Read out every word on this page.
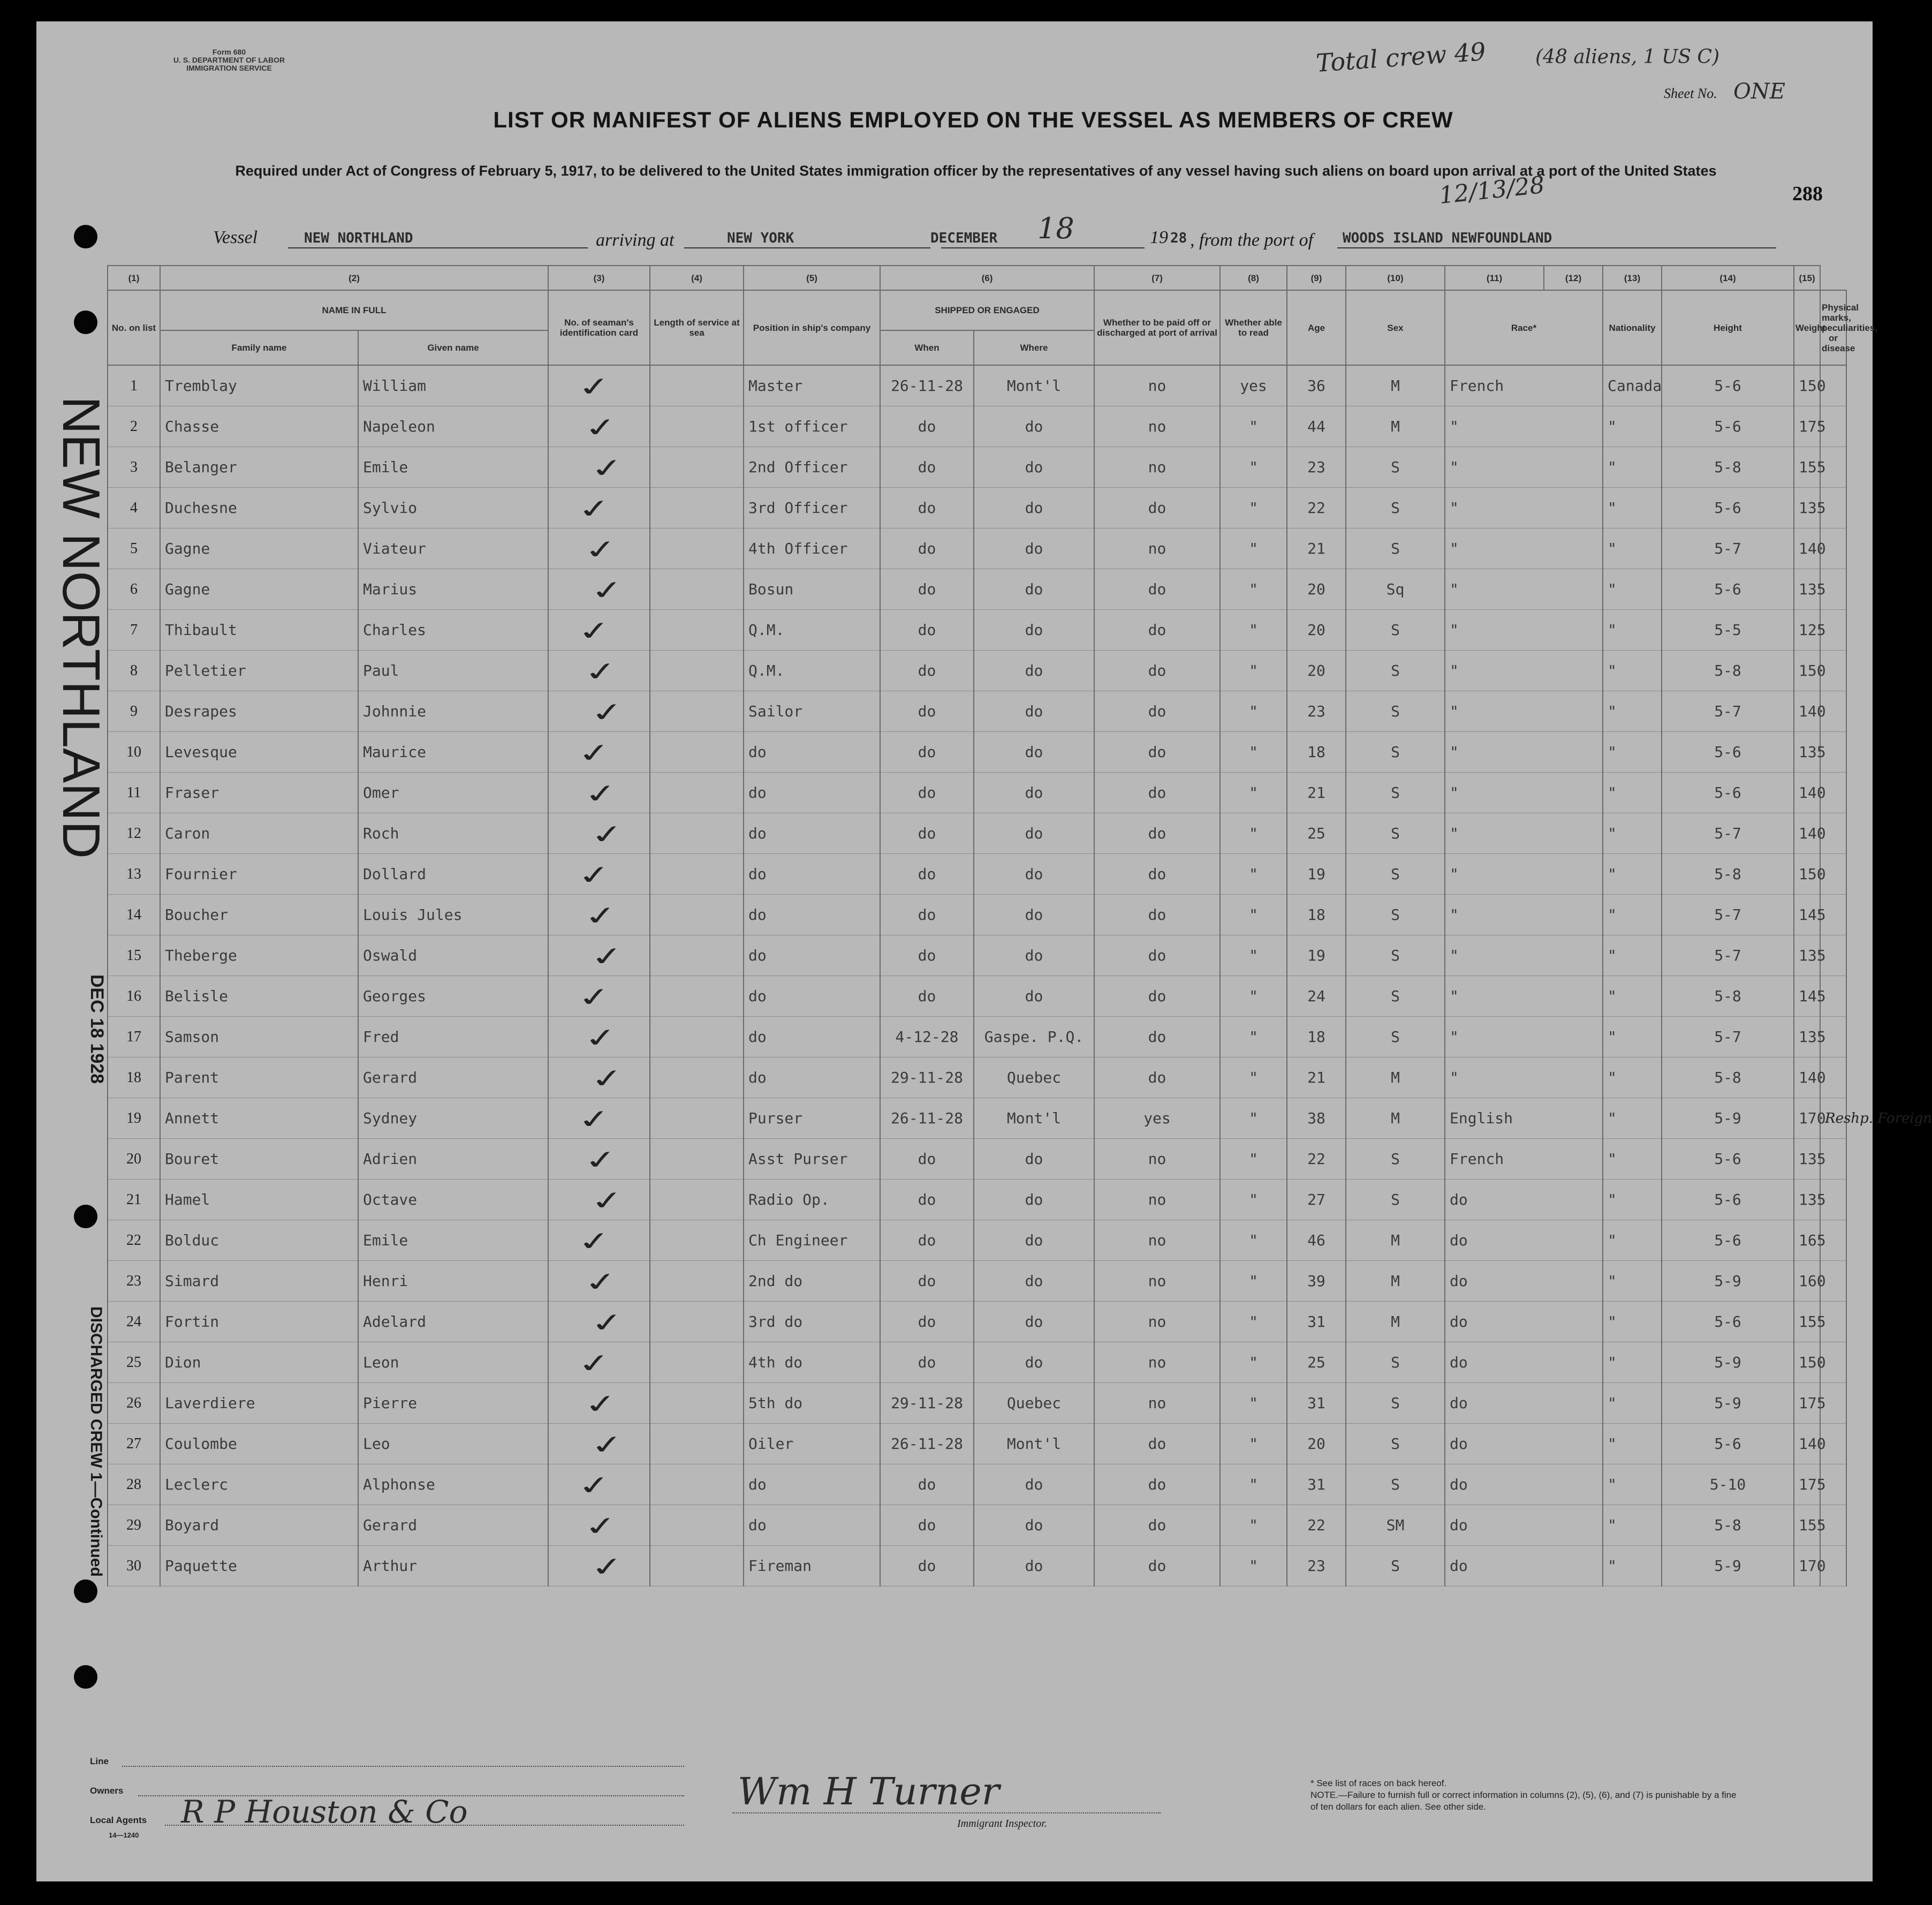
Form 680
U. S. DEPARTMENT OF LABOR
IMMIGRATION SERVICE	Total crew 49	(48 aliens, 1 US C)
Sheet No. ONE
LIST OR MANIFEST OF ALIENS EMPLOYED ON THE VESSEL AS MEMBERS OF CREW
Required under Act of Congress of February 5, 1917, to be delivered to the United States immigration officer by the representatives of any vessel having such aliens on board upon arrival at a port of the United States
288
12/13/28
Vessel	NEW NORTHLAND	arriving at	NEW YORK	DECEMBER 18	19 28 , from the port of WOODS ISLAND NEWFOUNDLAND
NEW NORTHLAND
DEC 18 1928
DISCHARGED CREW 1—Continued
(1)	(2)		(3)	(4)	(5)	(6)		(7)	(8)	(9)	(10)	(11)	(12)	(13)	(14)	(15)	
No. on list	NAME IN FULL		No. of seaman's identification card	Length of service at sea	Position in ship's company	SHIPPED OR ENGAGED		Whether to be paid off or discharged at port of arrival	Whether able to read	Age	Sex	Race*		Nationality	Height	Weight	Physical marks, peculiarities, or disease
	Family name	Given name				When	Where										
1	Tremblay	William	✓		Master	26-11-28	Mont'l	no	yes	36	M	French		Canada	5-6	150	
2	Chasse	Napeleon	✓		1st officer	do	do	no	"	44	M	"		"	5-6	175	
3	Belanger	Emile	✓		2nd Officer	do	do	no	"	23	S	"		"	5-8	155	
4	Duchesne	Sylvio	✓		3rd Officer	do	do	do	"	22	S	"		"	5-6	135	
5	Gagne	Viateur	✓		4th Officer	do	do	no	"	21	S	"		"	5-7	140	
6	Gagne	Marius	✓		Bosun	do	do	do	"	20	Sq	"		"	5-6	135	
7	Thibault	Charles	✓		Q.M.	do	do	do	"	20	S	"		"	5-5	125	
8	Pelletier	Paul	✓		Q.M.	do	do	do	"	20	S	"		"	5-8	150	
9	Desrapes	Johnnie	✓		Sailor	do	do	do	"	23	S	"		"	5-7	140	
10	Levesque	Maurice	✓		do	do	do	do	"	18	S	"		"	5-6	135	
11	Fraser	Omer	✓		do	do	do	do	"	21	S	"		"	5-6	140	
12	Caron	Roch	✓		do	do	do	do	"	25	S	"		"	5-7	140	
13	Fournier	Dollard	✓		do	do	do	do	"	19	S	"		"	5-8	150	
14	Boucher	Louis Jules	✓		do	do	do	do	"	18	S	"		"	5-7	145	
15	Theberge	Oswald	✓		do	do	do	do	"	19	S	"		"	5-7	135	
16	Belisle	Georges	✓		do	do	do	do	"	24	S	"		"	5-8	145	
17	Samson	Fred	✓		do	4-12-28	Gaspe. P.Q.	do	"	18	S	"		"	5-7	135	
18	Parent	Gerard	✓		do	29-11-28	Quebec	do	"	21	M	"		"	5-8	140	
19	Annett	Sydney	✓		Purser	26-11-28	Mont'l	yes	"	38	M	English		"	5-9	170	Reshp. Foreign
20	Bouret	Adrien	✓		Asst Purser	do	do	no	"	22	S	French		"	5-6	135	
21	Hamel	Octave	✓		Radio Op.	do	do	no	"	27	S	do		"	5-6	135	
22	Bolduc	Emile	✓		Ch Engineer	do	do	no	"	46	M	do		"	5-6	165	
23	Simard	Henri	✓		2nd do	do	do	no	"	39	M	do		"	5-9	160	
24	Fortin	Adelard	✓		3rd do	do	do	no	"	31	M	do		"	5-6	155	
25	Dion	Leon	✓		4th do	do	do	no	"	25	S	do		"	5-9	150	
26	Laverdiere	Pierre	✓		5th do	29-11-28	Quebec	no	"	31	S	do		"	5-9	175	
27	Coulombe	Leo	✓		Oiler	26-11-28	Mont'l	do	"	20	S	do		"	5-6	140	
28	Leclerc	Alphonse	✓		do	do	do	do	"	31	S	do		"	5-10	175	
29	Boyard	Gerard	✓		do	do	do	do	"	22	SM	do		"	5-8	155	
30	Paquette	Arthur	✓		Fireman	do	do	do	"	23	S	do		"	5-9	170	
Line
Owners
Local Agents
14—1240
R P Houston & Co	Wm H Turner
Immigrant Inspector.
* See list of races on back hereof.
NOTE.—Failure to furnish full or correct information in columns (2), (5), (6), and (7) is punishable by a fine of ten dollars for each alien. See other side.
